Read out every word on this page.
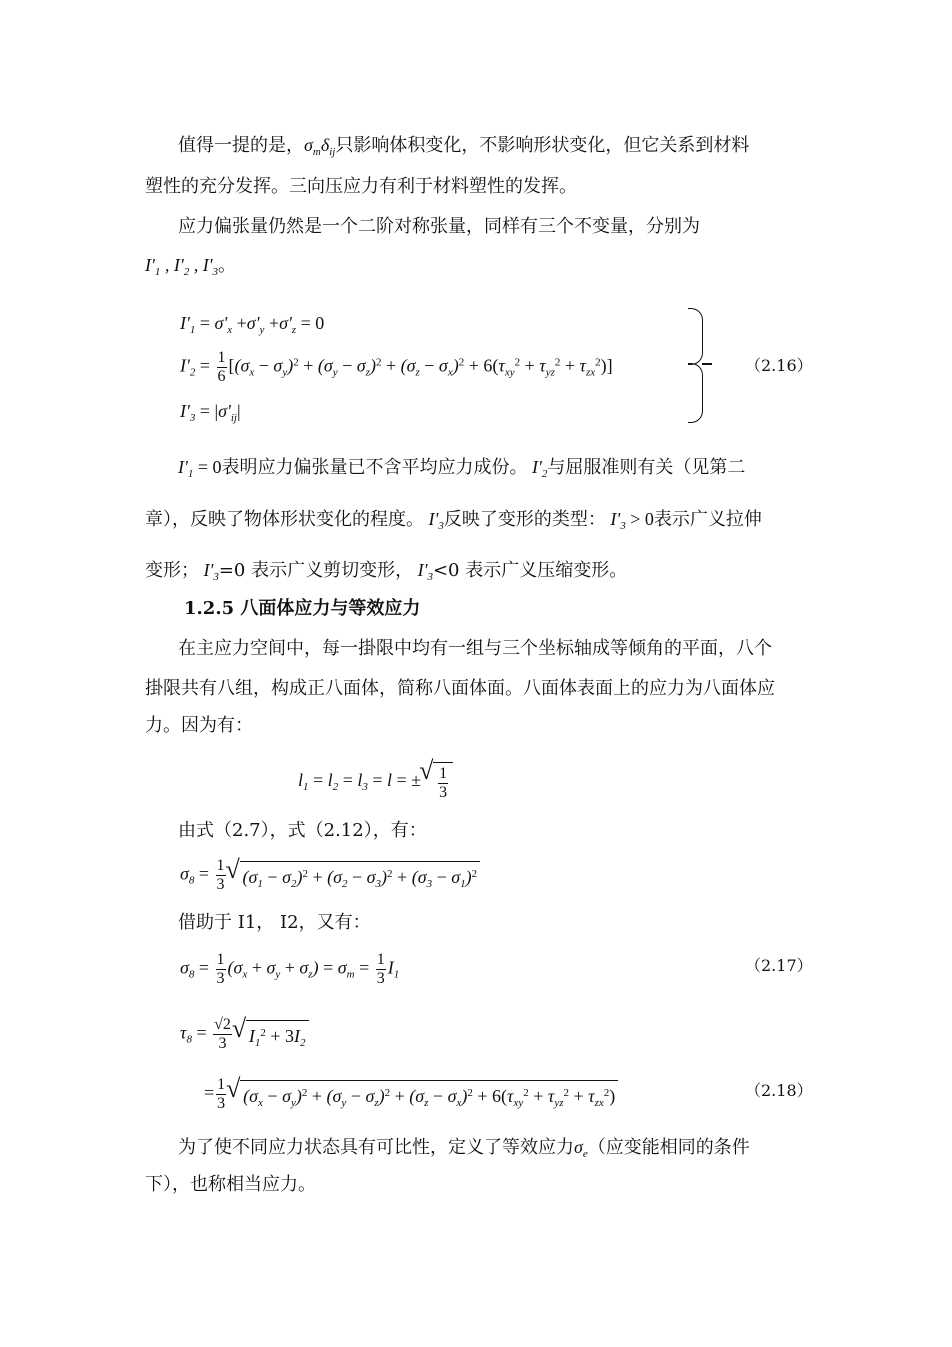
值得一提的是，$\sigma_m\delta_{ij}$只影响体积变化，不影响形状变化，但它关系到材料
塑性的充分发挥。三向压应力有利于材料塑性的发挥。
应力偏张量仍然是一个二阶对称张量，同样有三个不变量，分别为
$I'_1$ , $I'_2$ , $I'_3$。
$I'_1 = \sigma'_x +\sigma'_y +\sigma'_z = 0$
$I'_2 = \frac{1}{6} [(\sigma_x - \sigma_y)^2 + (\sigma_y - \sigma_z)^2 + (\sigma_z - \sigma_x)^2 + 6(\tau_{xy}^2 + \tau_{yz}^2 + \tau_{zx}^2)]$
$I'_3 = |\sigma'_{ij}|$
（2.16）
$I'_1 = 0$表明应力偏张量已不含平均应力成份。 $I'_2$与屈服准则有关（见第二
章），反映了物体形状变化的程度。 $I'_3$反映了变形的类型： $I'_3 > 0$表示广义拉伸
变形； $I'_3=0$ 表示广义剪切变形， $I'_3<0$ 表示广义压缩变形。
1.2.5 八面体应力与等效应力
在主应力空间中，每一掛限中均有一组与三个坐标轴成等倾角的平面，八个
掛限共有八组，构成正八面体，简称八面体面。八面体表面上的应力为八面体应
力。因为有：
$l_1 = l_2 = l_3 = l$ = ± √ $\frac{1}{3}$
由式（2.7），式（2.12），有：
$\sigma_8 = \frac{1}{3}$ √ $(\sigma_1 - \sigma_2)^2 + (\sigma_2 - \sigma_3)^2 + (\sigma_3 - \sigma_1)^2$
借助于 I1， I2，又有：
$\sigma_8 = \frac{1}{3} (\sigma_x + \sigma_y + \sigma_z) = \sigma_m = \frac{1}{3} I_1$	（2.17）
$\tau_8 = \frac{√2}{3}$ √ $I_1^2 + 3I_2$
= $\frac{1}{3}$ √ $(\sigma_x - \sigma_y)^2 + (\sigma_y - \sigma_z)^2 + (\sigma_z - \sigma_x)^2 + 6(\tau_{xy}^2 + \tau_{yz}^2 + \tau_{zx}^2)$	（2.18）
为了使不同应力状态具有可比性，定义了等效应力$\sigma_e$（应变能相同的条件
下），也称相当应力。
